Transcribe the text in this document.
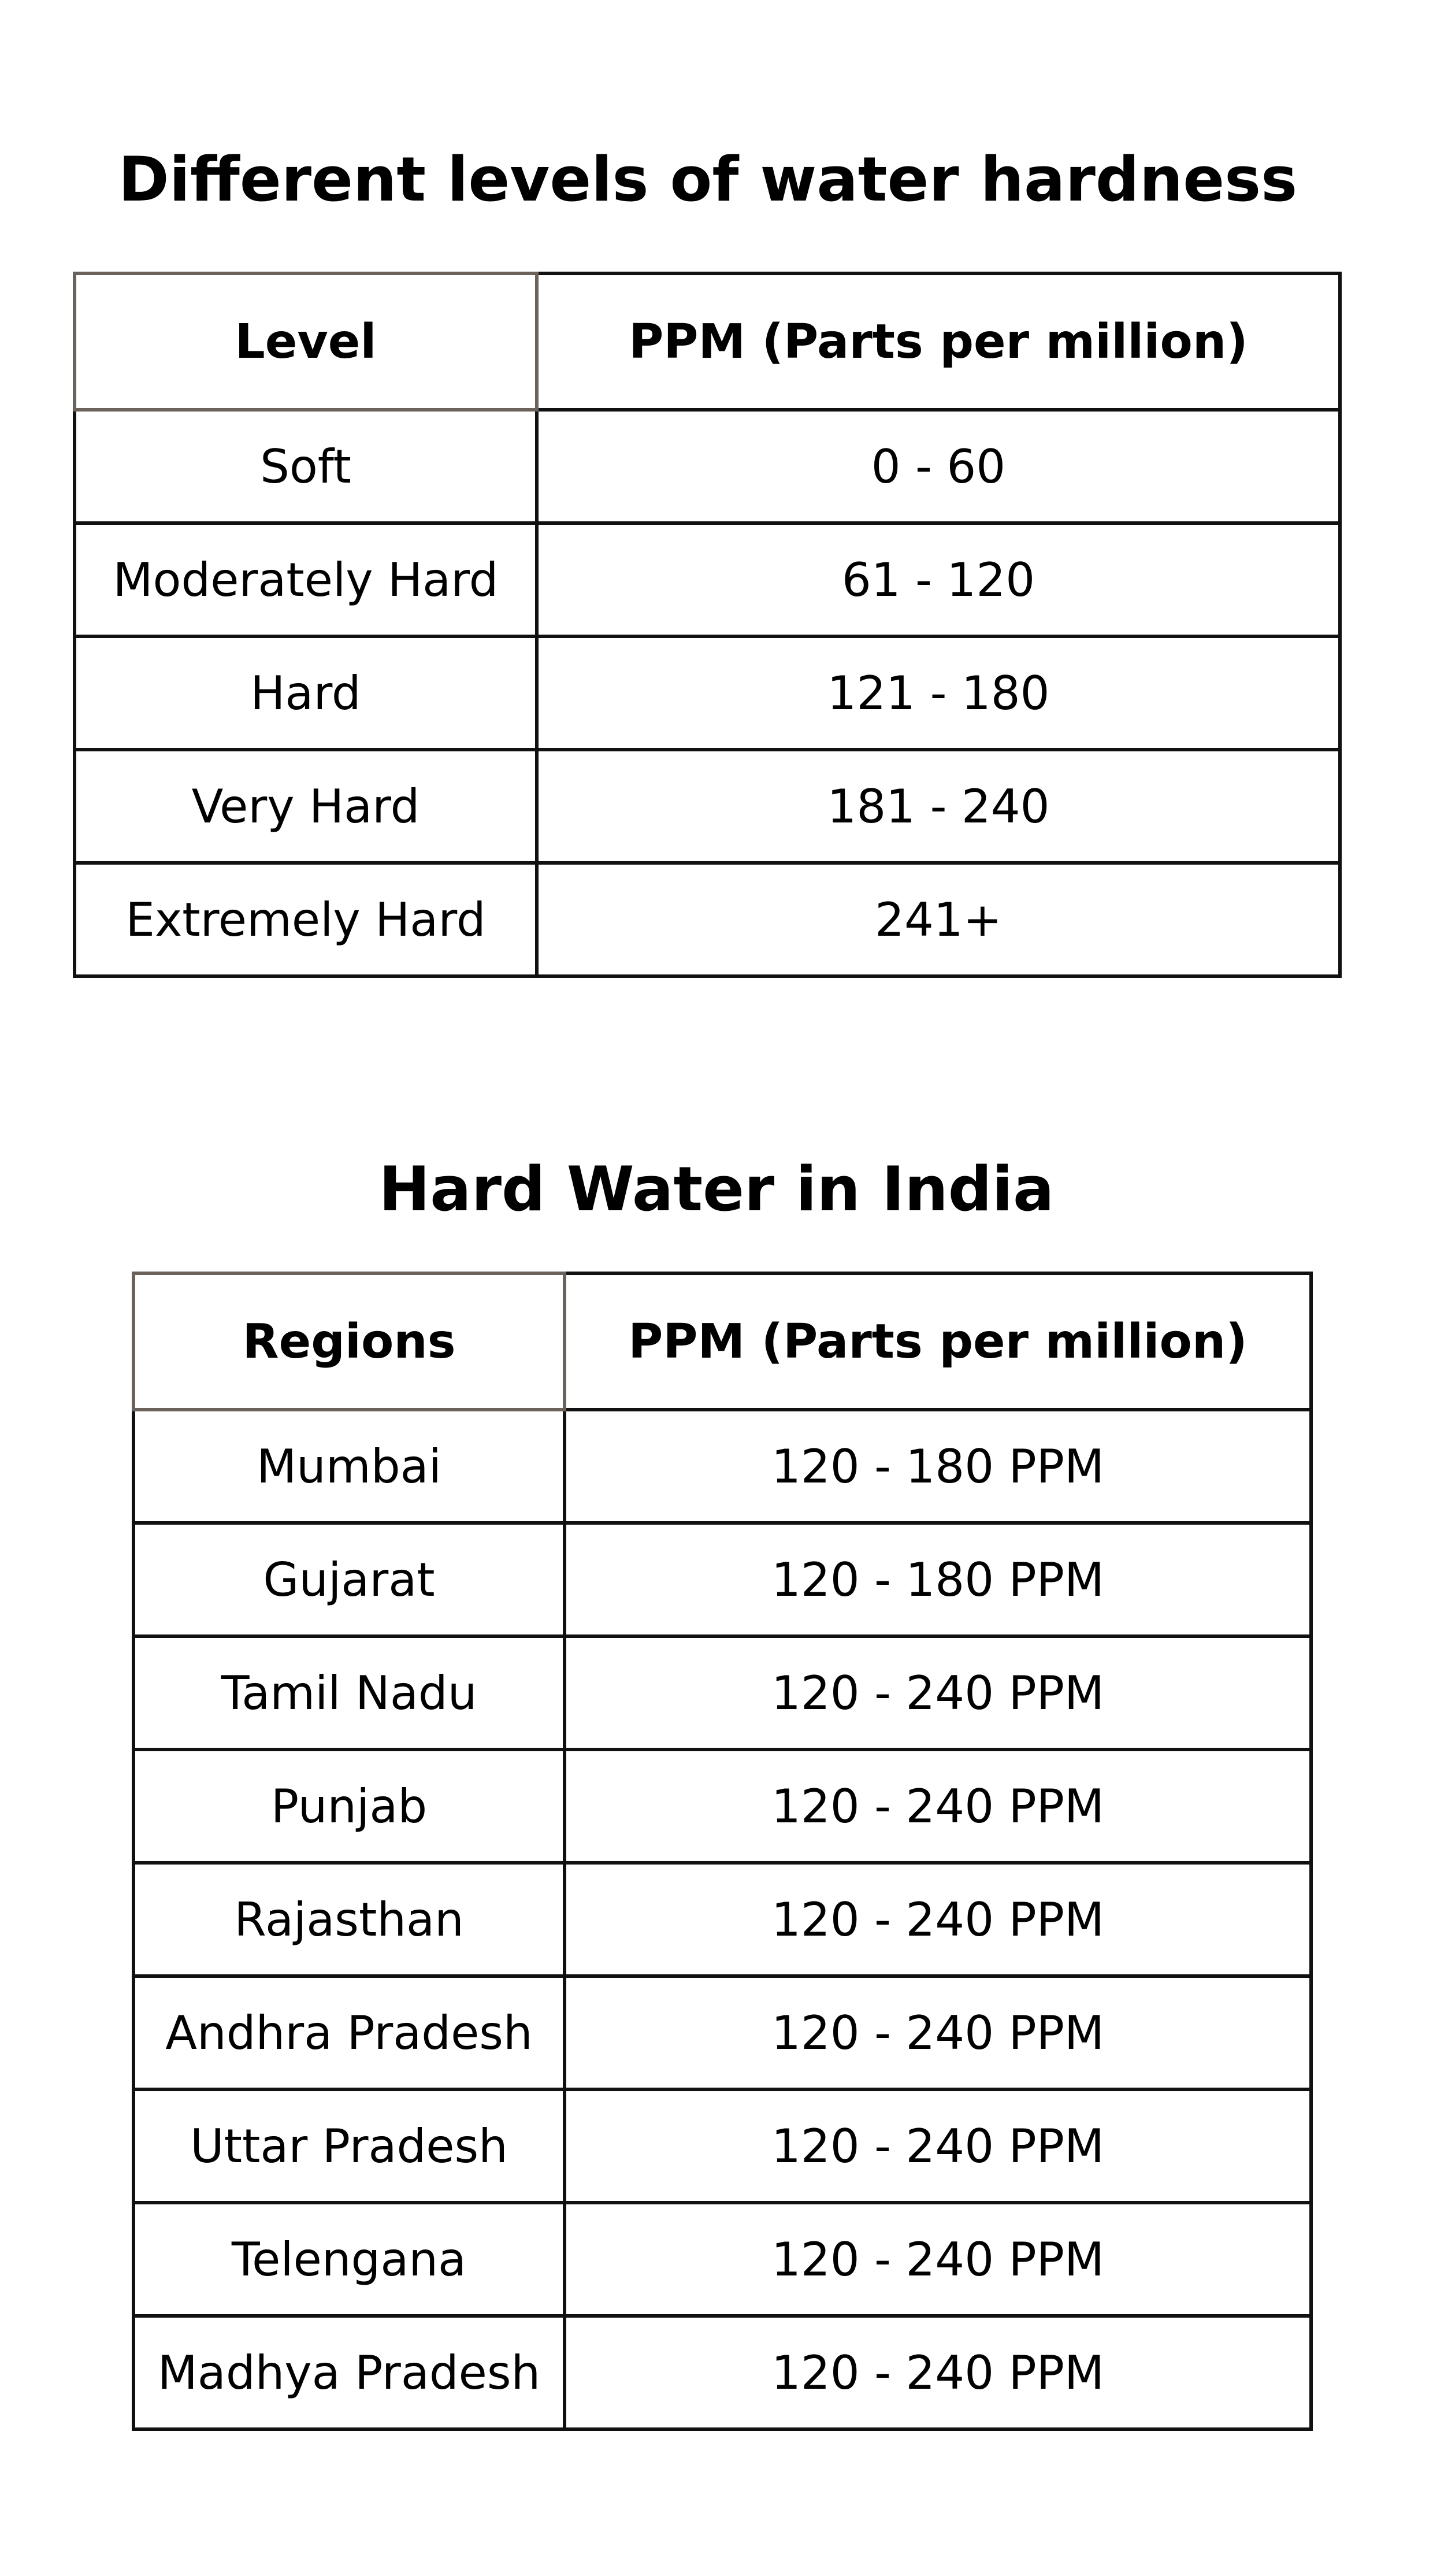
Different levels of water hardness
Level	PPM (Parts per million)
Soft	0 - 60
Moderately Hard	61 - 120
Hard	121 - 180
Very Hard	181 - 240
Extremely Hard	241+
Hard Water in India
Regions	PPM (Parts per million)
Mumbai	120 - 180 PPM
Gujarat	120 - 180 PPM
Tamil Nadu	120 - 240 PPM
Punjab	120 - 240 PPM
Rajasthan	120 - 240 PPM
Andhra Pradesh	120 - 240 PPM
Uttar Pradesh	120 - 240 PPM
Telengana	120 - 240 PPM
Madhya Pradesh	120 - 240 PPM
